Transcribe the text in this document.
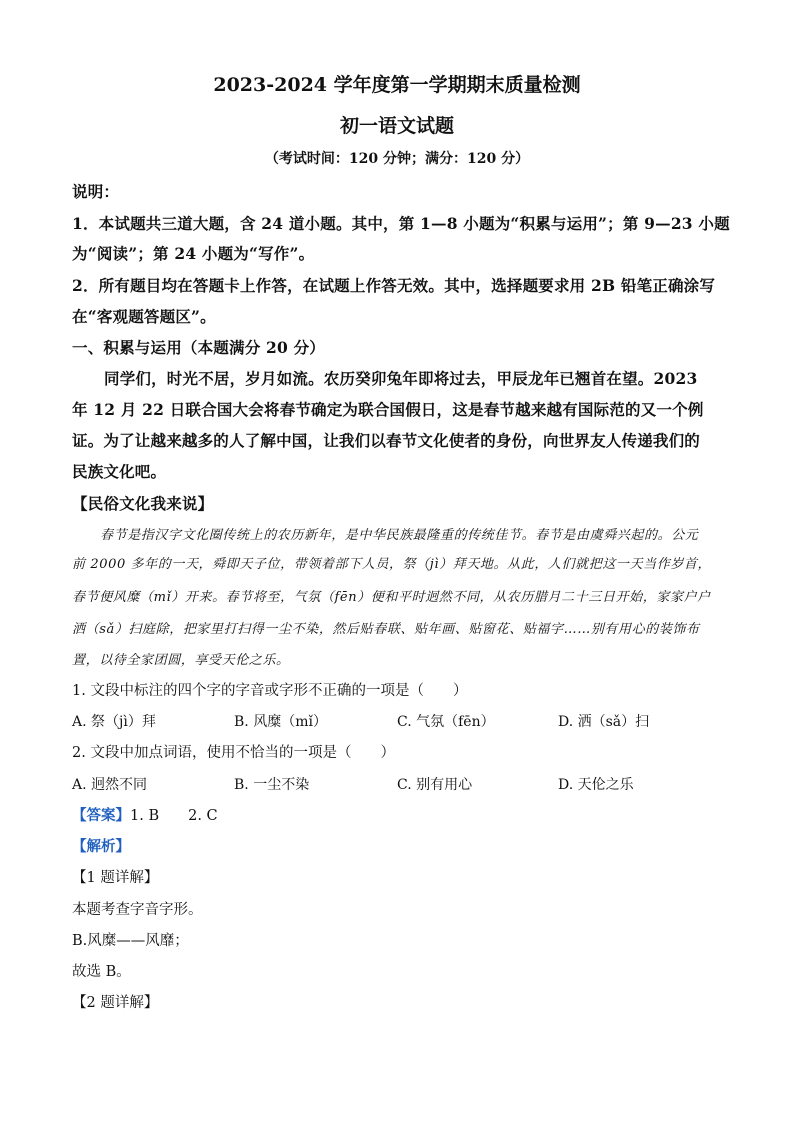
2023-2024 学年度第一学期期末质量检测
初一语文试题
（考试时间：120 分钟；满分：120 分）
说明：
1．本试题共三道大题，含 24 道小题。其中，第 1—8 小题为“积累与运用”；第 9—23 小题
为“阅读”；第 24 小题为“写作”。
2．所有题目均在答题卡上作答，在试题上作答无效。其中，选择题要求用 2B 铅笔正确涂写
在“客观题答题区”。
一、积累与运用（本题满分 20 分）
同学们，时光不居，岁月如流。农历癸卯兔年即将过去，甲辰龙年已翘首在望。2023
年 12 月 22 日联合国大会将春节确定为联合国假日，这是春节越来越有国际范的又一个例
证。为了让越来越多的人了解中国，让我们以春节文化使者的身份，向世界友人传递我们的
民族文化吧。
【民俗文化我来说】
春节是指汉字文化圈传统上的农历新年，是中华民族最隆重的传统佳节。春节是由虞舜兴起的。公元
前 2000 多年的一天，舜即天子位，带领着部下人员，祭（jì）拜天地。从此，人们就把这一天当作岁首，
春节便风糜（mǐ）开来。春节将至，气氛（fēn）便和平时迥然不同，从农历腊月二十三日开始，家家户户
洒（sǎ）扫庭除，把家里打扫得一尘不染，然后贴春联、贴年画、贴窗花、贴福字……别有用心的装饰布
置，以待全家团圆，享受天伦之乐。
1. 文段中标注的四个字的字音或字形不正确的一项是（　　）
A. 祭（jì）拜	B. 风糜（mǐ）	C. 气氛（fēn）	D. 洒（sǎ）扫
2. 文段中加点词语，使用不恰当的一项是（　　）
A. 迥然不同	B. 一尘不染	C. 别有用心	D. 天伦之乐
【答案】1. B　　2. C
【解析】
【1 题详解】
本题考查字音字形。
B.风糜——风靡；
故选 B。
【2 题详解】
